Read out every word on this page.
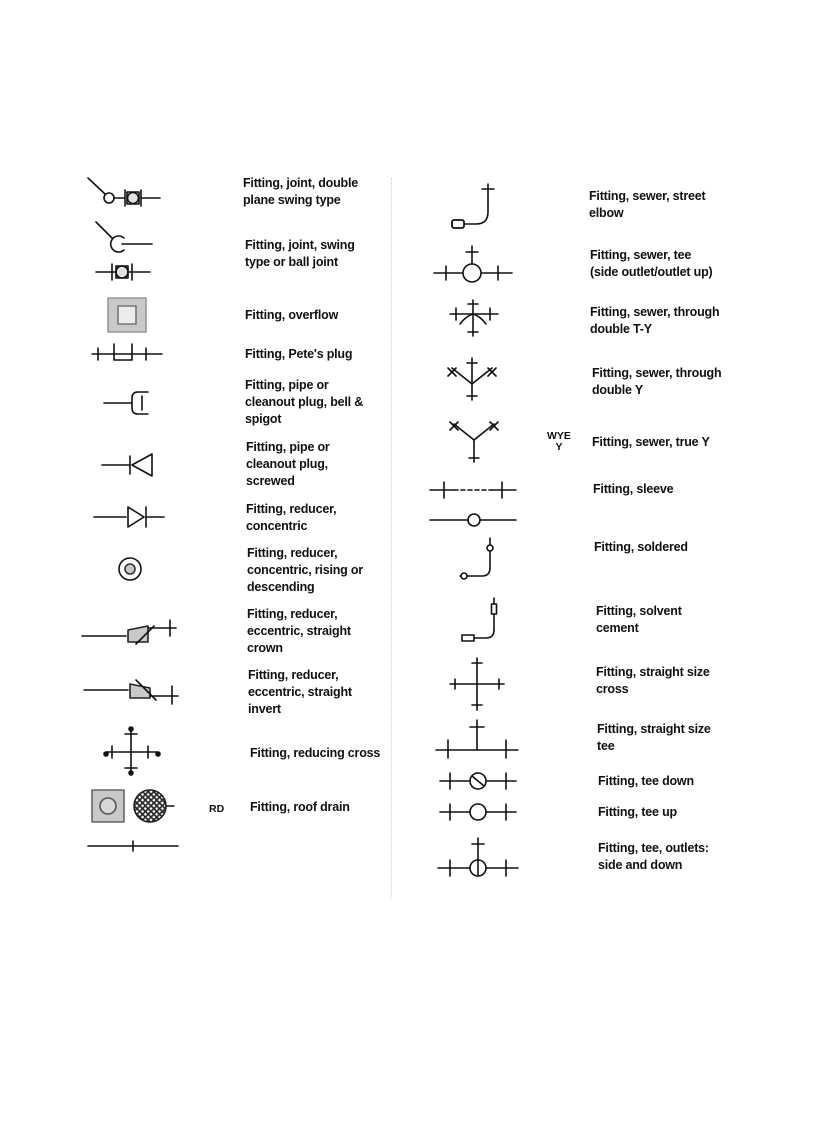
Fitting, joint, double
plane swing type
Fitting, joint, swing
type or ball joint
Fitting, overflow
Fitting, Pete's plug
Fitting, pipe or
cleanout plug, bell &
spigot
Fitting, pipe or
cleanout plug,
screwed
Fitting, reducer,
concentric
Fitting, reducer,
concentric, rising or
descending
Fitting, reducer,
eccentric, straight
crown
Fitting, reducer,
eccentric, straight
invert
Fitting, reducing cross
RD Fitting, roof drain
Fitting, sewer, street
elbow
Fitting, sewer, tee
(side outlet/outlet up)
Fitting, sewer, through
double T-Y
Fitting, sewer, through
double Y
WYE
Y	Fitting, sewer, true Y
Fitting, sleeve
Fitting, soldered
Fitting, solvent
cement
Fitting, straight size
cross
Fitting, straight size
tee
Fitting, tee down
Fitting, tee up
Fitting, tee, outlets:
side and down
